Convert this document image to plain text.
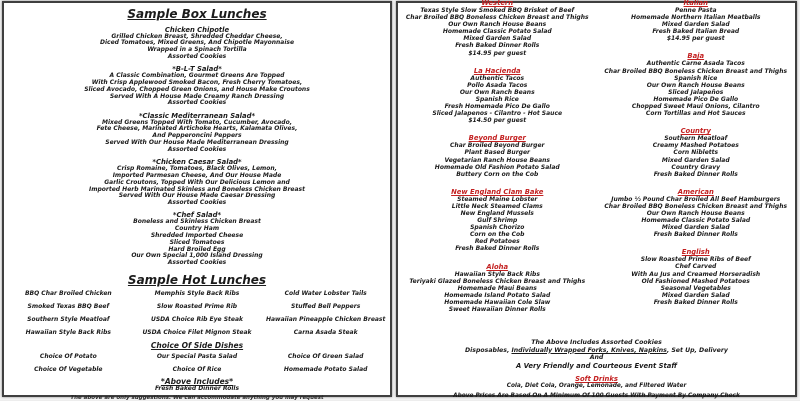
Sample Box Lunches
Chicken Chipotle
Grilled Chicken Breast, Shredded Cheddar Cheese,
Diced Tomatoes, Mixed Greens, And Chipotle Mayonnaise
Wrapped in a Spinach Tortilla
Assorted Cookies
*B-L-T Salad*
A Classic Combination, Gourmet Greens Are Topped
With Crisp Applewood Smoked Bacon, Fresh Cherry Tomatoes,
Sliced Avocado, Chopped Green Onions, and House Make Croutons
Served With A House Made Creamy Ranch Dressing
Assorted Cookies
*Classic Mediterranean Salad*
Mixed Greens Topped With Tomato, Cucumber, Avocado,
Fete Cheese, Marinated Artichoke Hearts, Kalamata Olives,
And Pepperoncini Peppers
Served With Our House Made Mediterranean Dressing
Assorted Cookies
*Chicken Caesar Salad*
Crisp Romaine, Tomatoes, Black Olives, Lemon,
Imported Parmesan Cheese, And Our House Made
Garlic Croutons, Topped With Our Delicious Lemon and
Imported Herb Marinated Skinless and Boneless Chicken Breast
Served With Our House Made Caesar Dressing
Assorted Cookies
*Chef Salad*
Boneless and Skinless Chicken Breast
Country Ham
Shredded Imported Cheese
Sliced Tomatoes
Hard Broiled Egg
Our Own Special 1,000 Island Dressing
Assorted Cookies
Sample Hot Lunches
BBQ Char Broiled Chicken	Memphis Style Back Ribs	Cold Water Lobster Tails
Smoked Texas BBQ Beef	Slow Roasted Prime Rib	Stuffed Bell Peppers
Southern Style Meatloaf	USDA Choice Rib Eye Steak	Hawaiian Pineapple Chicken Breast
Hawaiian Style Back Ribs	USDA Choice Filet Mignon Steak	Carna Asada Steak
Choice Of Side Dishes
Choice Of Potato	Our Special Pasta Salad	Choice Of Green Salad
Choice Of Vegetable	Choice Of Rice	Homemade Potato Salad
*Above Includes*
Fresh Baked Dinner Rolls
The above are only suggestions. We can accommodate anything you may request
Western
Texas Style Slow Smoked BBQ Brisket of Beef
Char Broiled BBQ Boneless Chicken Breast and Thighs
Our Own Ranch House Beans
Homemade Classic Potato Salad
Mixed Garden Salad
Fresh Baked Dinner Rolls
$14.95 per guest
La Hacienda
Authentic Tacos
Pollo Asada Tacos
Our Own Ranch Beans
Spanish Rice
Fresh Homemade Pico De Gallo
Sliced Jalapenos - Cilantro - Hot Sauce
$14.50 per guest
Beyond Burger
Char Broiled Beyond Burger
Plant Based Burger
Vegetarian Ranch House Beans
Homemade Old Fashion Potato Salad
Buttery Corn on the Cob
New England Clam Bake
Steamed Maine Lobster
Little Neck Steamed Clams
New England Mussels
Gulf Shrimp
Spanish Chorizo
Corn on the Cob
Red Potatoes
Fresh Baked Dinner Rolls
Aloha
Hawaiian Style Back Ribs
Teriyaki Glazed Boneless Chicken Breast and Thighs
Homemade Maui Beans
Homemade Island Potato Salad
Homemade Hawaiian Cole Slaw
Sweet Hawaiian Dinner Rolls
Italian
Penne Pasta
Homemade Northern Italian Meatballs
Mixed Garden Salad
Fresh Baked Italian Bread
$14.95 per guest
Baja
Authentic Carne Asada Tacos
Char Broiled BBQ Boneless Chicken Breast and Thighs
Spanish Rice
Our Own Ranch House Beans
Sliced Jalapeños
Homemade Pico De Gallo
Chopped Sweet Maui Onions, Cilantro
Corn Tortillas and Hot Sauces
Country
Southern Meatloaf
Creamy Mashed Potatoes
Corn Nibletts
Mixed Garden Salad
Country Gravy
Fresh Baked Dinner Rolls
American
Jumbo ½ Pound Char Broiled All Beef Hamburgers
Char Broiled BBQ Boneless Chicken Breast and Thighs
Our Own Ranch House Beans
Homemade Classic Potato Salad
Mixed Garden Salad
Fresh Baked Dinner Rolls
English
Slow Roasted Prime Ribs of Beef
Chef Carved
With Au Jus and Creamed Horseradish
Old Fashioned Mashed Potatoes
Seasonal Vegetables
Mixed Garden Salad
Fresh Baked Dinner Rolls
The Above Includes Assorted Cookies
Disposables, Individually Wrapped Forks, Knives, Napkins, Set Up, Delivery
And
A Very Friendly and Courteous Event Staff
Soft Drinks
Cola, Diet Cola, Orange, Lemonade, and Filtered Water
Above Prices Are Based On A Minimum Of 100 Guests With Payment By Company Check
